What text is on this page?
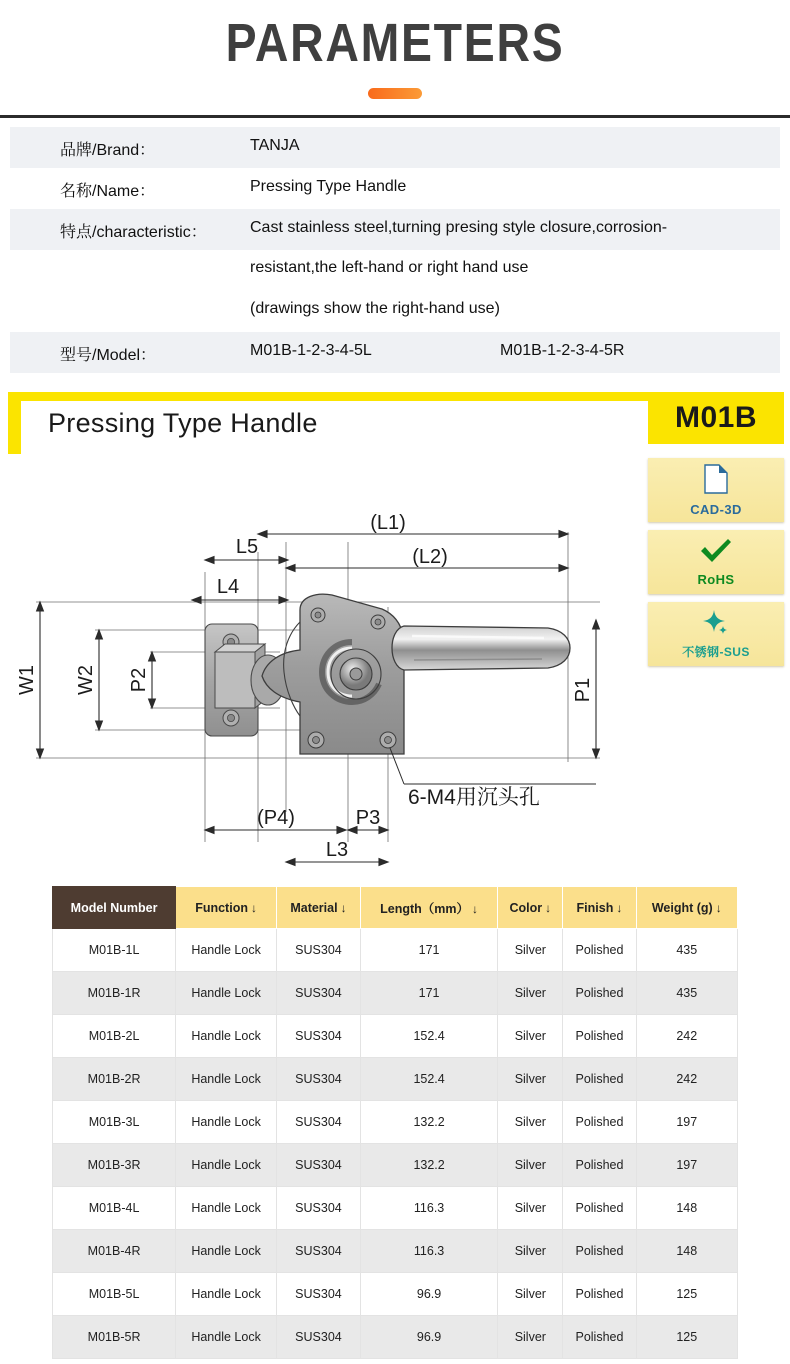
PARAMETERS
品牌/Brand：	TANJA
名称/Name：	Pressing Type Handle
特点/characteristic：	Cast stainless steel,turning presing style closure,corrosion-
resistant,the left-hand or right hand use
(drawings show the right-hand use)
型号/Model：	M01B-1-2-3-4-5L	M01B-1-2-3-4-5R
Pressing Type Handle	M01B
CAD-3D
RoHS
不锈钢-SUS
(L1)
(L2)
L5
L4
W1 W2 P2	P1
6-M4用沉头孔
(P4)	P3
L3
Model Number	Function ↓	Material ↓	Length（mm） ↓	Color ↓	Finish ↓	Weight (g) ↓
M01B-1L	Handle Lock	SUS304	171	Silver	Polished	435
M01B-1R	Handle Lock	SUS304	171	Silver	Polished	435
M01B-2L	Handle Lock	SUS304	152.4	Silver	Polished	242
M01B-2R	Handle Lock	SUS304	152.4	Silver	Polished	242
M01B-3L	Handle Lock	SUS304	132.2	Silver	Polished	197
M01B-3R	Handle Lock	SUS304	132.2	Silver	Polished	197
M01B-4L	Handle Lock	SUS304	116.3	Silver	Polished	148
M01B-4R	Handle Lock	SUS304	116.3	Silver	Polished	148
M01B-5L	Handle Lock	SUS304	96.9	Silver	Polished	125
M01B-5R	Handle Lock	SUS304	96.9	Silver	Polished	125
